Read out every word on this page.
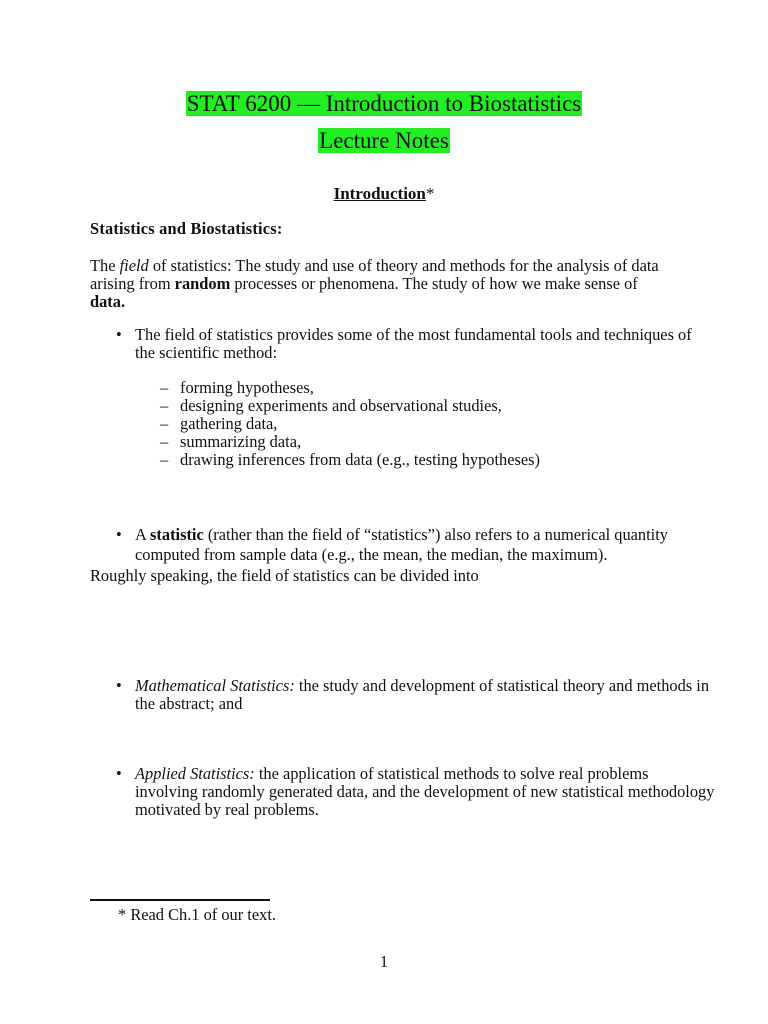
STAT 6200 — Introduction to Biostatistics
Lecture Notes
Introduction*
Statistics and Biostatistics:
The field of statistics: The study and use of theory and methods for the analysis of data arising from random processes or phenomena. The study of how we make sense of data.
• The field of statistics provides some of the most fundamental tools and techniques of the scientific method:
– forming hypotheses,
– designing experiments and observational studies,
– gathering data,
– summarizing data,
– drawing inferences from data (e.g., testing hypotheses)
• A statistic (rather than the field of “statistics”) also refers to a numerical quantity computed from sample data (e.g., the mean, the median, the maximum).
Roughly speaking, the field of statistics can be divided into
• Mathematical Statistics: the study and development of statistical theory and methods in the abstract; and
• Applied Statistics: the application of statistical methods to solve real problems involving randomly generated data, and the development of new statistical methodology motivated by real problems.
* Read Ch.1 of our text.
1
